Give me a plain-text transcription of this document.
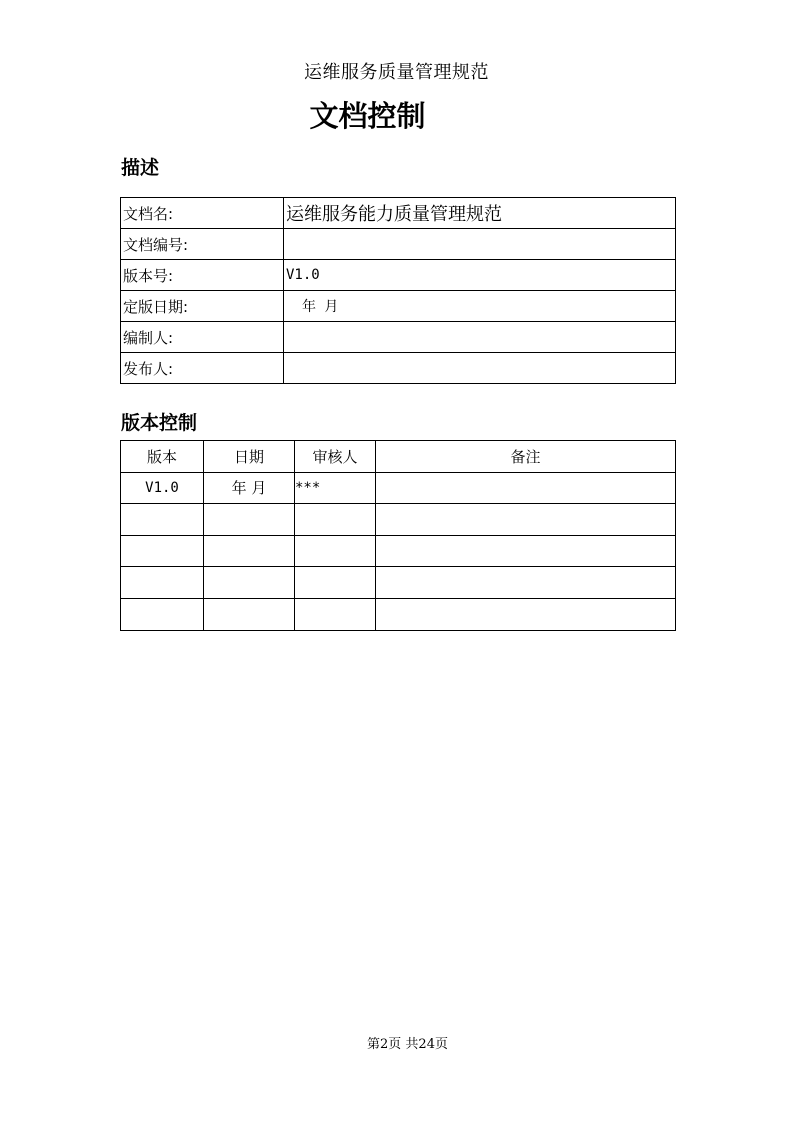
运维服务质量管理规范
文档控制
描述
文档名:	运维服务能力质量管理规范
文档编号:	
版本号:	V1.0
定版日期:	年 月
编制人:	
发布人:	
版本控制
版本	日期	审核人	备注
V1.0	年 月	***	

第2页 共24页
